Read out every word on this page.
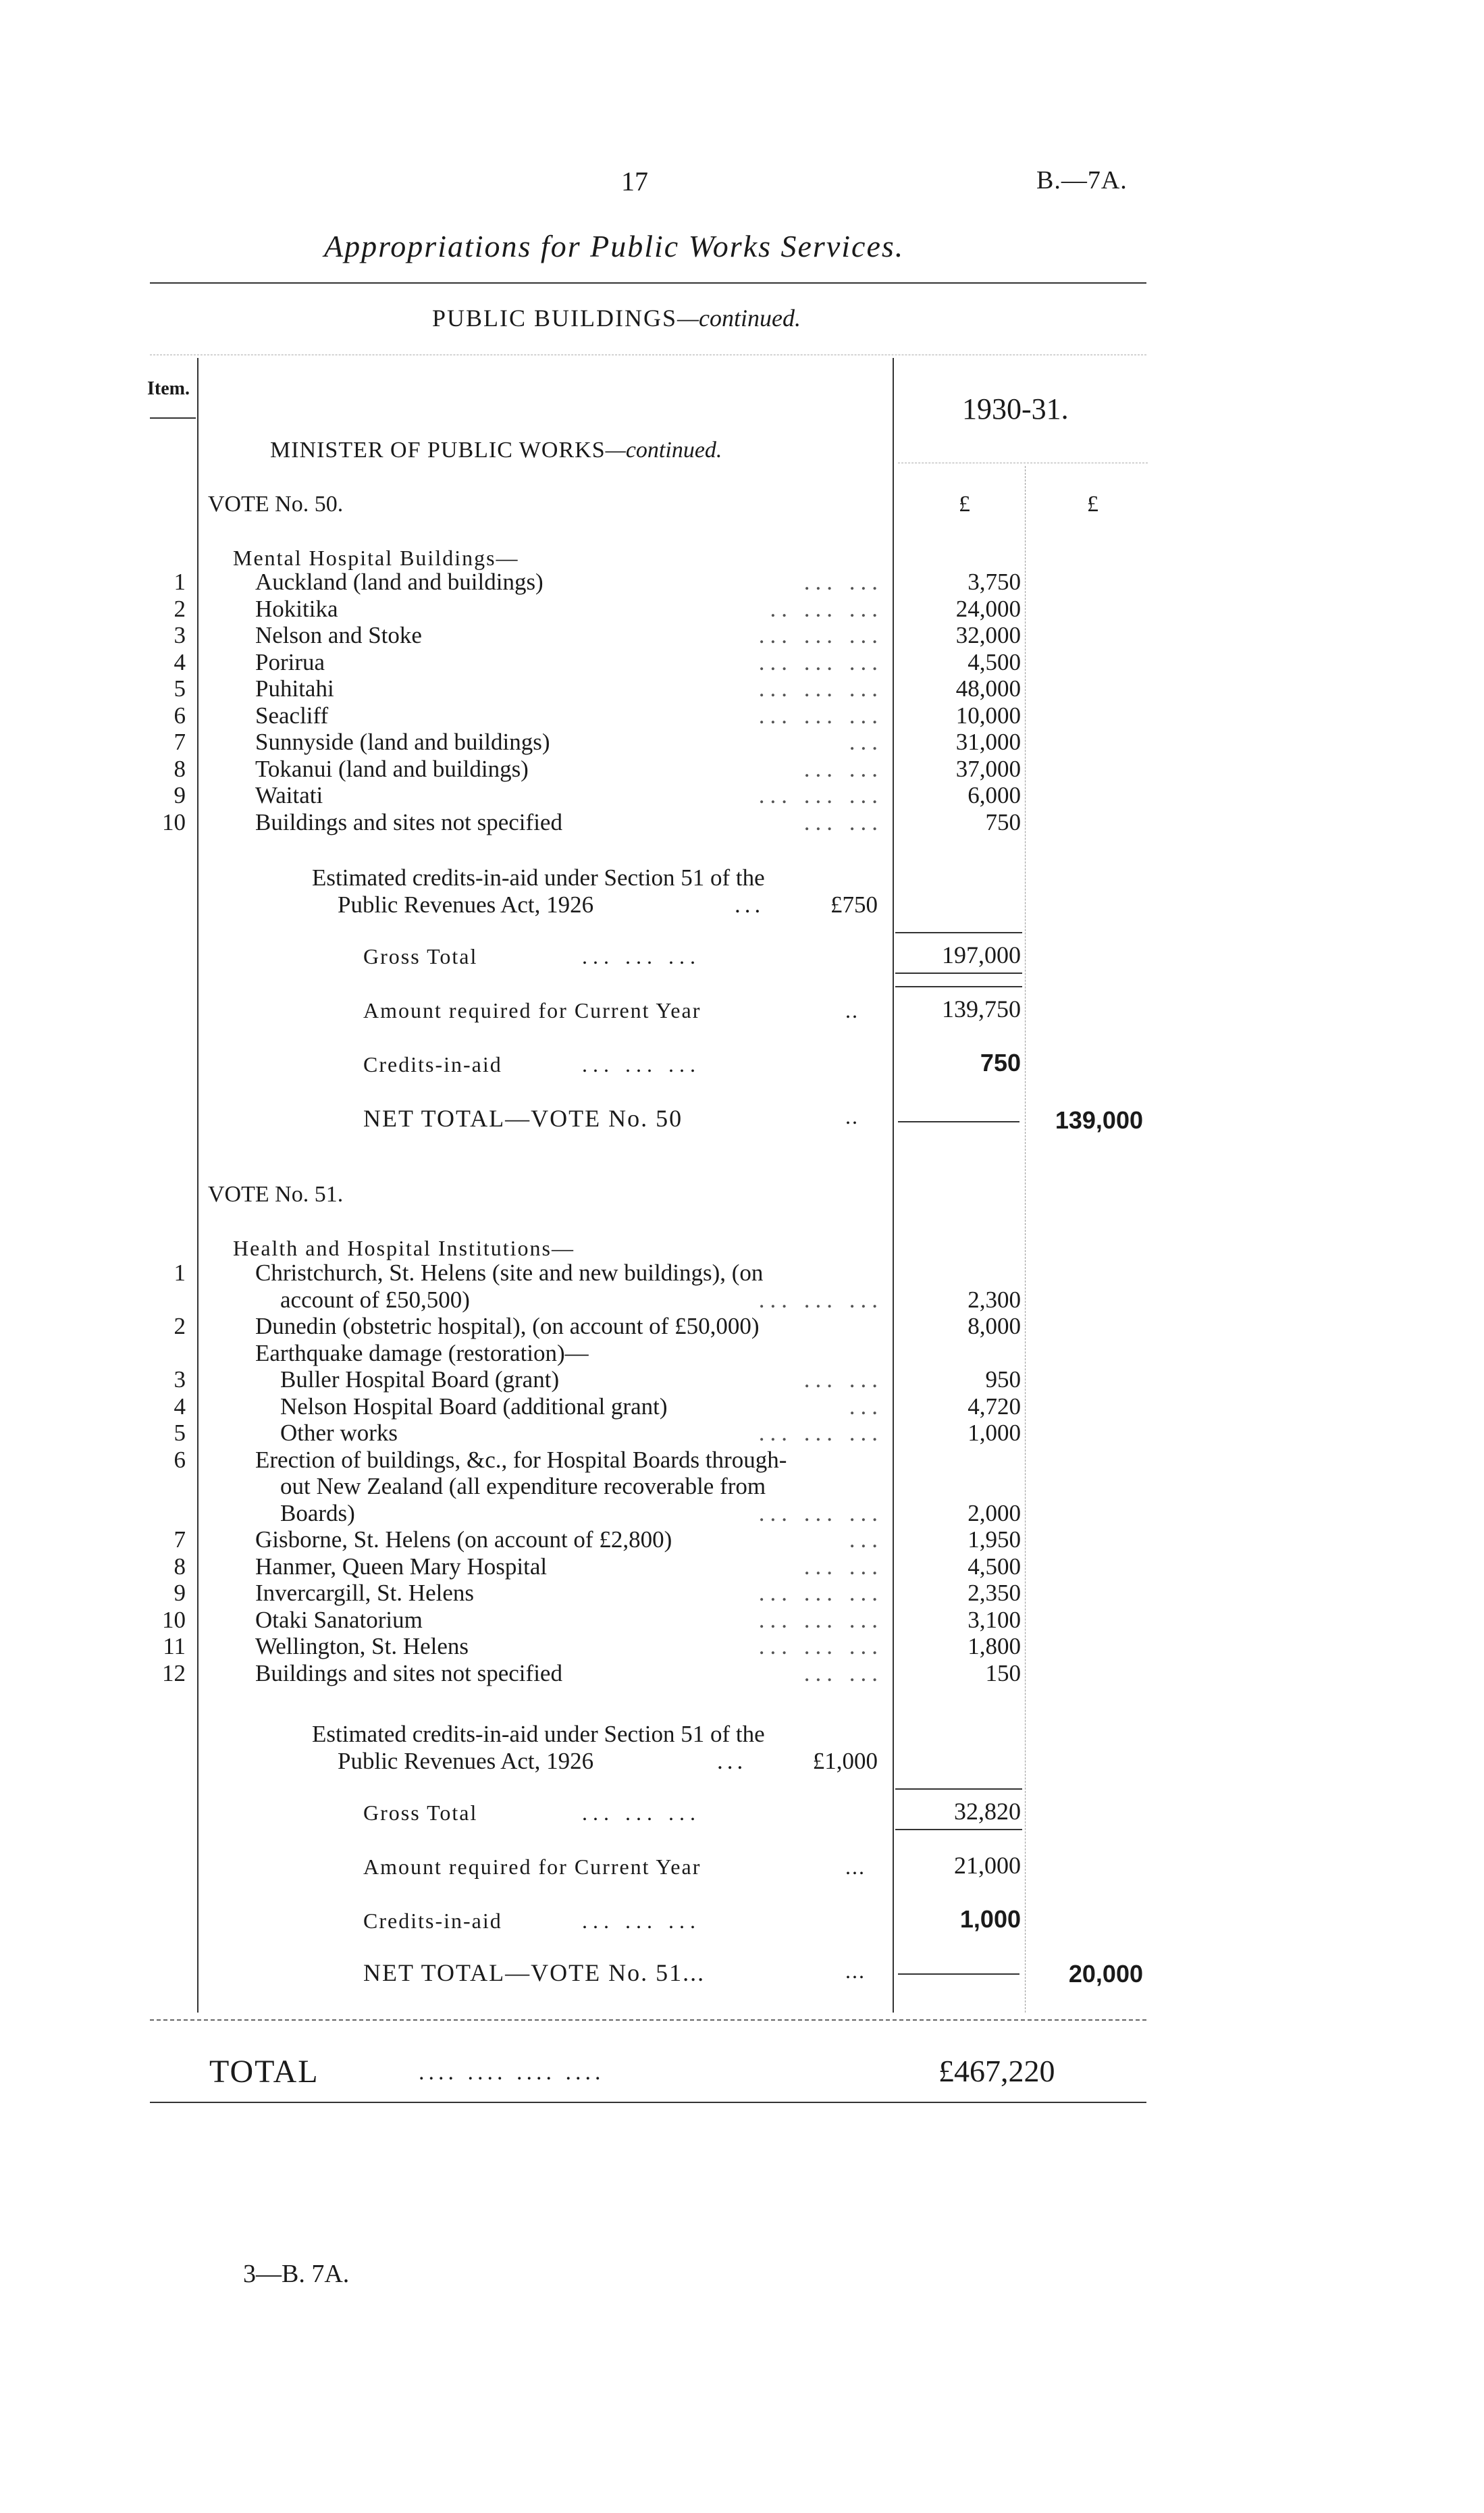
17	B.—7A.
Appropriations for Public Works Services.
PUBLIC BUILDINGS—continued.
Item.
1930-31.
MINISTER OF PUBLIC WORKS—continued.
£	£
VOTE No. 50.
Mental Hospital Buildings—
1	Auckland (land and buildings)	... ...	3,750
2	Hokitika	.. ... ...	24,000
3	Nelson and Stoke	... ... ...	32,000
4	Porirua	... ... ...	4,500
5	Puhitahi	... ... ...	48,000
6	Seacliff	... ... ...	10,000
7	Sunnyside (land and buildings)	...	31,000
8	Tokanui (land and buildings)	... ...	37,000
9	Waitati	... ... ...	6,000
10	Buildings and sites not specified	... ...	750
Estimated credits-in-aid under Section 51 of the
Public Revenues Act, 1926	...	£750
Gross Total	... ... ...	197,000
Amount required for Current Year	..	139,750
Credits-in-aid	... ... ...	750
NET TOTAL—VOTE No. 50	..	139,000
VOTE No. 51.
Health and Hospital Institutions—
1	Christchurch, St. Helens (site and new buildings), (on
account of £50,500)	... ... ...	2,300
2	Dunedin (obstetric hospital), (on account of £50,000)	8,000
Earthquake damage (restoration)—
3	Buller Hospital Board (grant)	... ...	950
4	Nelson Hospital Board (additional grant)	...	4,720
5	Other works	... ... ...	1,000
6	Erection of buildings, &c., for Hospital Boards through-
out New Zealand (all expenditure recoverable from
Boards)	... ... ...	2,000
7	Gisborne, St. Helens (on account of £2,800)	...	1,950
8	Hanmer, Queen Mary Hospital	... ...	4,500
9	Invercargill, St. Helens	... ... ...	2,350
10	Otaki Sanatorium	... ... ...	3,100
11	Wellington, St. Helens	... ... ...	1,800
12	Buildings and sites not specified	... ...	150
Estimated credits-in-aid under Section 51 of the
Public Revenues Act, 1926	...	£1,000
Gross Total	... ... ...	32,820
Amount required for Current Year	...	21,000
Credits-in-aid	... ... ...	1,000
NET TOTAL—VOTE No. 51...	...	20,000
TOTAL	.... .... .... ....	£467,220
3—B. 7A.
